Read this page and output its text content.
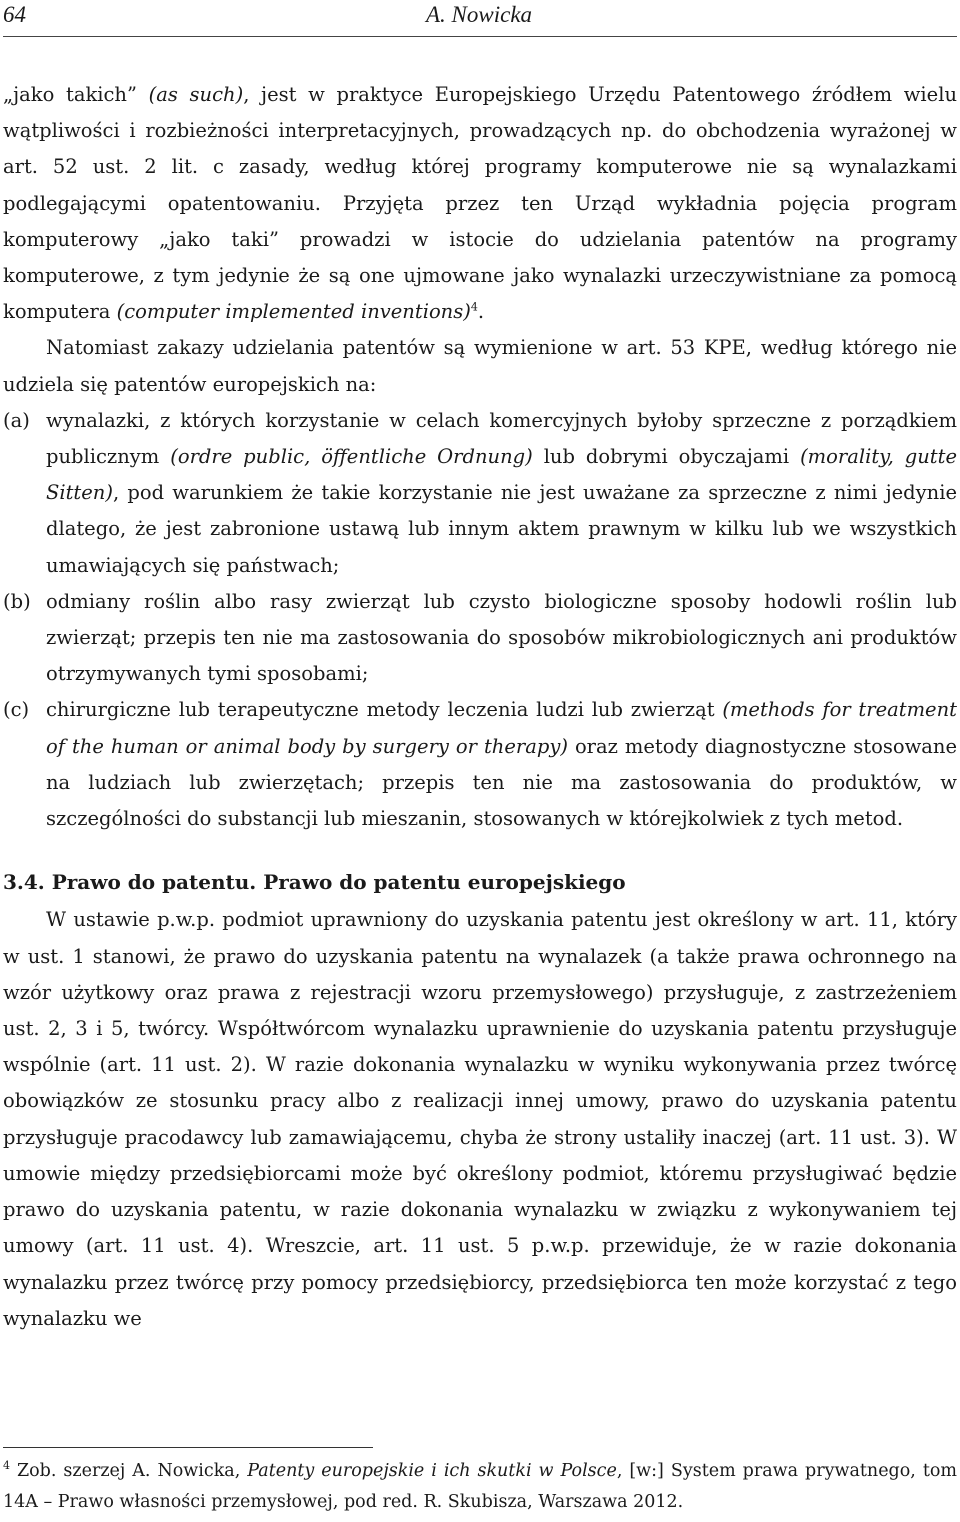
64	A. Nowicka

„jako takich” (as such), jest w praktyce Europejskiego Urzędu Patentowego źródłem wielu wątpliwości i rozbieżności interpretacyjnych, prowadzących np. do obchodzenia wyrażonej w art. 52 ust. 2 lit. c zasady, według której programy komputerowe nie są wynalazkami podlegającymi opatentowaniu. Przyjęta przez ten Urząd wykładnia pojęcia program komputerowy „jako taki” prowadzi w istocie do udzielania patentów na programy komputerowe, z tym jedynie że są one ujmowane jako wynalazki urzeczywistniane za pomocą komputera (computer implemented inventions)$^4$.

Natomiast zakazy udzielania patentów są wymienione w art. 53 KPE, według którego nie udziela się patentów europejskich na:

(a) wynalazki, z których korzystanie w celach komercyjnych byłoby sprzeczne z porządkiem publicznym (ordre public, öffentliche Ordnung) lub dobrymi obyczajami (morality, gutte Sitten), pod warunkiem że takie korzystanie nie jest uważane za sprzeczne z nimi jedynie dlatego, że jest zabronione ustawą lub innym aktem prawnym w kilku lub we wszystkich umawiających się państwach;
(b) odmiany roślin albo rasy zwierząt lub czysto biologiczne sposoby hodowli roślin lub zwierząt; przepis ten nie ma zastosowania do sposobów mikrobiologicznych ani produktów otrzymywanych tymi sposobami;
(c) chirurgiczne lub terapeutyczne metody leczenia ludzi lub zwierząt (methods for treatment of the human or animal body by surgery or therapy) oraz metody diagnostyczne stosowane na ludziach lub zwierzętach; przepis ten nie ma zastosowania do produktów, w szczególności do substancji lub mieszanin, stosowanych w którejkolwiek z tych metod.
3.4. Prawo do patentu. Prawo do patentu europejskiego

W ustawie p.w.p. podmiot uprawniony do uzyskania patentu jest określony w art. 11, który w ust. 1 stanowi, że prawo do uzyskania patentu na wynalazek (a także prawa ochronnego na wzór użytkowy oraz prawa z rejestracji wzoru przemysłowego) przysługuje, z zastrzeżeniem ust. 2, 3 i 5, twórcy. Współtwórcom wynalazku uprawnienie do uzyskania patentu przysługuje wspólnie (art. 11 ust. 2). W razie dokonania wynalazku w wyniku wykonywania przez twórcę obowiązków ze stosunku pracy albo z realizacji innej umowy, prawo do uzyskania patentu przysługuje pracodawcy lub zamawiającemu, chyba że strony ustaliły inaczej (art. 11 ust. 3). W umowie między przedsiębiorcami może być określony podmiot, któremu przysługiwać będzie prawo do uzyskania patentu, w razie dokonania wynalazku w związku z wykonywaniem tej umowy (art. 11 ust. 4). Wreszcie, art. 11 ust. 5 p.w.p. przewiduje, że w razie dokonania wynalazku przez twórcę przy pomocy przedsiębiorcy, przedsiębiorca ten może korzystać z tego wynalazku we

$^4$ Zob. szerzej A. Nowicka, Patenty europejskie i ich skutki w Polsce, [w:] System prawa prywatnego, tom 14A – Prawo własności przemysłowej, pod red. R. Skubisza, Warszawa 2012.
